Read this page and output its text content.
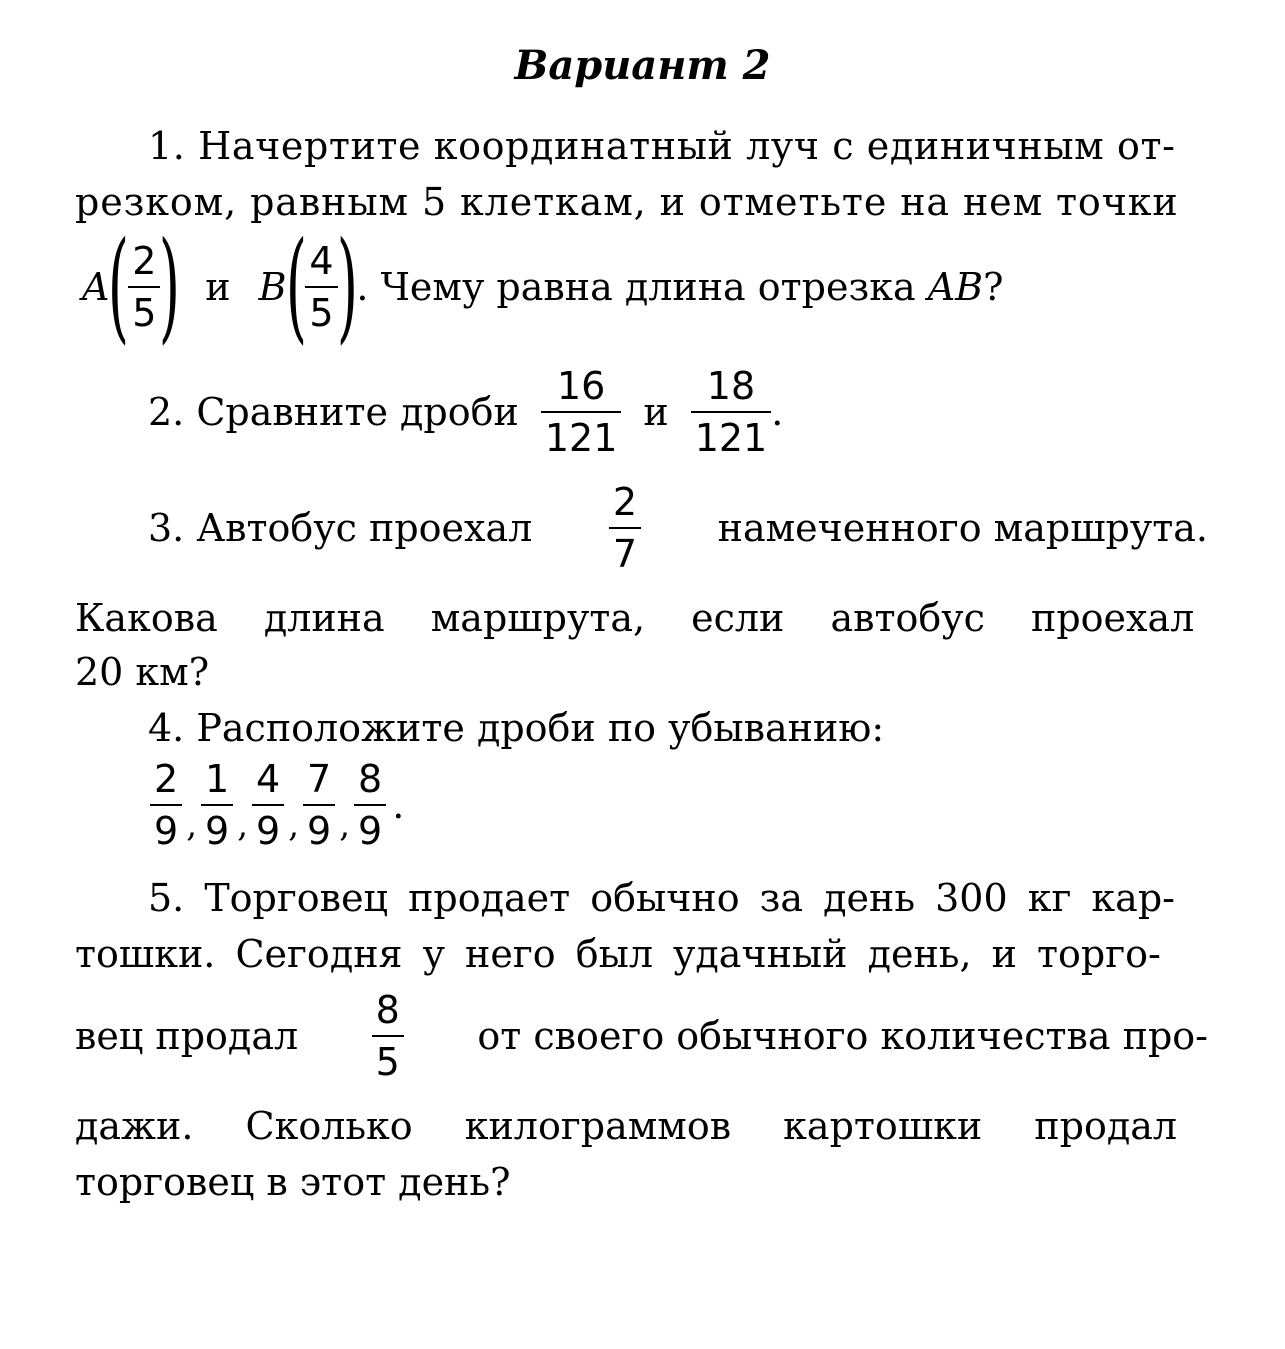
Вариант 2
1. Начертите координатный луч с единичным от-
резком, равным 5 клеткам, и отметьте на нем точки
A
(
$\frac{2}{5}$
) и B
(
$\frac{4}{5}$
)
. Чему равна длина отрезка AB ?
2. Сравните дроби $\frac{16}{121}$ и $\frac{18}{121}$ .
3. Автобус проехал $\frac{2}{7}$ намеченного маршрута.
Какова длина маршрута, если автобус проехал
20 км?
4. Расположите дроби по убыванию:
$\frac{2}{9}$ , $\frac{1}{9}$ , $\frac{4}{9}$ , $\frac{7}{9}$ , $\frac{8}{9}$ .
5. Торговец продает обычно за день 300 кг кар-
тошки. Сегодня у него был удачный день, и торго-
вец продал $\frac{8}{5}$ от своего обычного количества про-
дажи. Сколько килограммов картошки продал
торговец в этот день?
